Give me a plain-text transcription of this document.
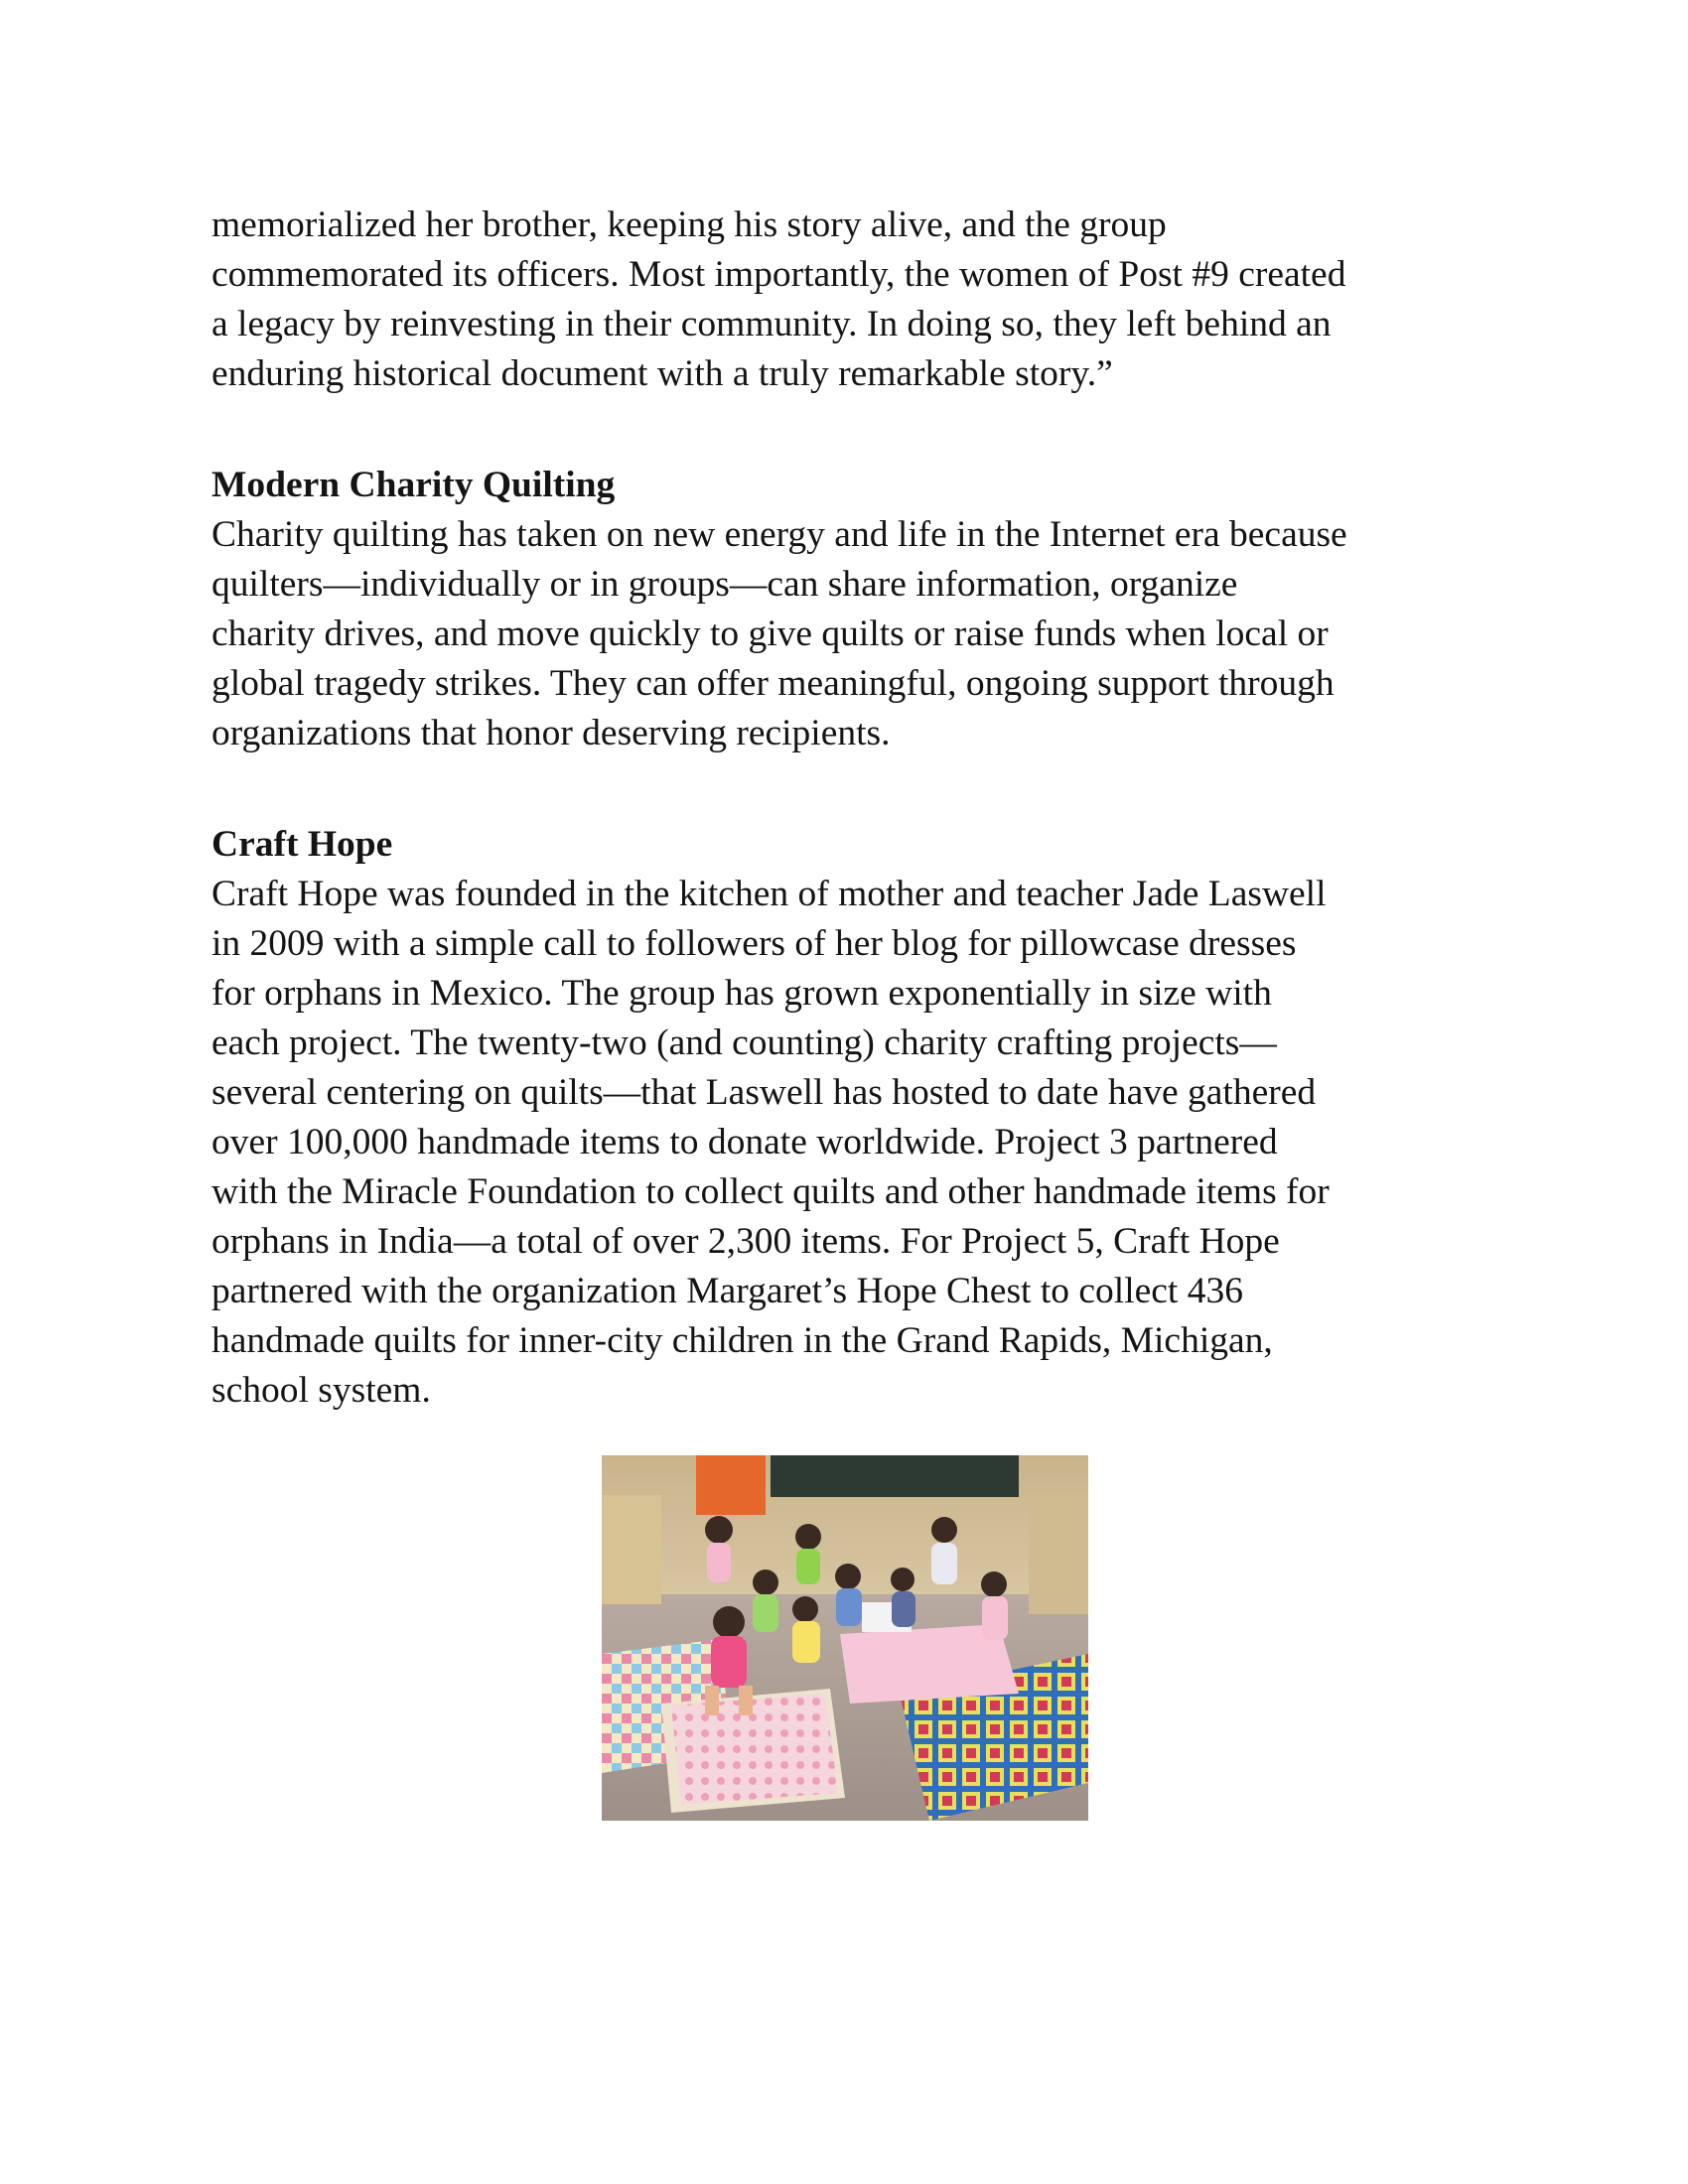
memorialized her brother, keeping his story alive, and the group
commemorated its officers. Most importantly, the women of Post #9 created
a legacy by reinvesting in their community. In doing so, they left behind an
enduring historical document with a truly remarkable story.”
Modern Charity Quilting
Charity quilting has taken on new energy and life in the Internet era because
quilters—individually or in groups—can share information, organize
charity drives, and move quickly to give quilts or raise funds when local or
global tragedy strikes. They can offer meaningful, ongoing support through
organizations that honor deserving recipients.
Craft Hope
Craft Hope was founded in the kitchen of mother and teacher Jade Laswell
in 2009 with a simple call to followers of her blog for pillowcase dresses
for orphans in Mexico. The group has grown exponentially in size with
each project. The twenty-two (and counting) charity crafting projects—
several centering on quilts—that Laswell has hosted to date have gathered
over 100,000 handmade items to donate worldwide. Project 3 partnered
with the Miracle Foundation to collect quilts and other handmade items for
orphans in India—a total of over 2,300 items. For Project 5, Craft Hope
partnered with the organization Margaret’s Hope Chest to collect 436
handmade quilts for inner-city children in the Grand Rapids, Michigan,
school system.
